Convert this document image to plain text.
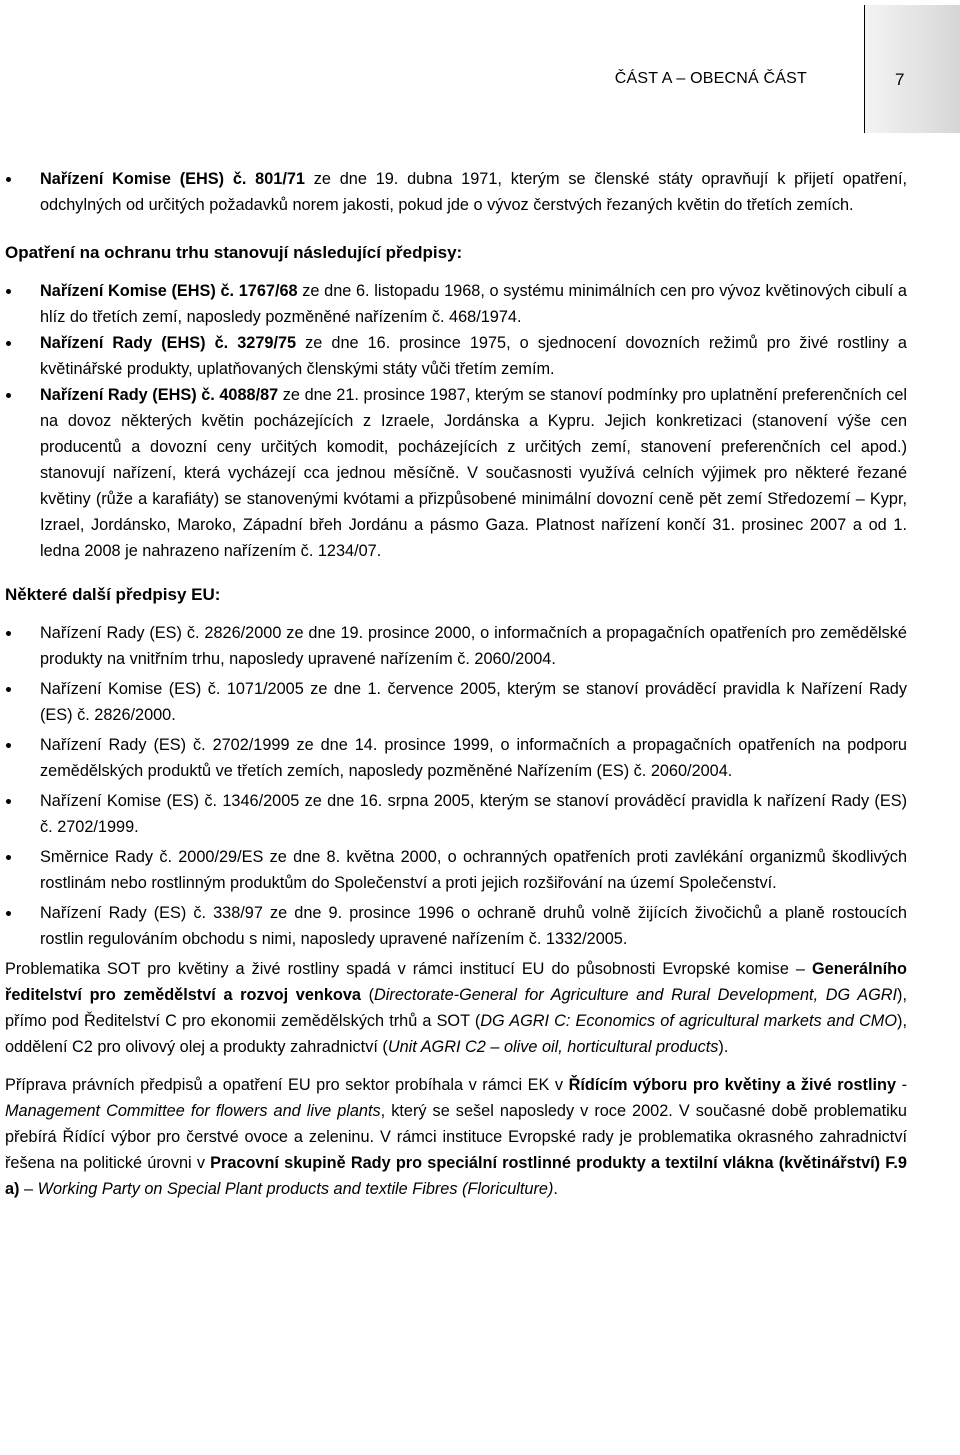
ČÁST A – OBECNÁ ČÁST	7
Nařízení Komise (EHS) č. 801/71 ze dne 19. dubna 1971, kterým se členské státy opravňují k přijetí opatření, odchylných od určitých požadavků norem jakosti, pokud jde o vývoz čerstvých řezaných květin do třetích zemích.

Opatření na ochranu trhu stanovují následující předpisy:

Nařízení Komise (EHS) č. 1767/68 ze dne 6. listopadu 1968, o systému minimálních cen pro vývoz květinových cibulí a hlíz do třetích zemí, naposledy pozměněné nařízením č. 468/1974.
Nařízení Rady (EHS) č. 3279/75 ze dne 16. prosince 1975, o sjednocení dovozních režimů pro živé rostliny a květinářské produkty, uplatňovaných členskými státy vůči třetím zemím.
Nařízení Rady (EHS) č. 4088/87 ze dne 21. prosince 1987, kterým se stanoví podmínky pro uplatnění preferenčních cel na dovoz některých květin pocházejících z Izraele, Jordánska a Kypru. Jejich konkretizaci (stanovení výše cen producentů a dovozní ceny určitých komodit, pocházejících z určitých zemí, stanovení preferenčních cel apod.) stanovují nařízení, která vycházejí cca jednou měsíčně. V současnosti využívá celních výjimek pro některé řezané květiny (růže a karafiáty) se stanovenými kvótami a přizpůsobené minimální dovozní ceně pět zemí Středozemí – Kypr, Izrael, Jordánsko, Maroko, Západní břeh Jordánu a pásmo Gaza. Platnost nařízení končí 31. prosinec 2007 a od 1. ledna 2008 je nahrazeno nařízením č. 1234/07.

Některé další předpisy EU:

Nařízení Rady (ES) č. 2826/2000 ze dne 19. prosince 2000, o informačních a propagačních opatřeních pro zemědělské produkty na vnitřním trhu, naposledy upravené nařízením č. 2060/2004.
Nařízení Komise (ES) č. 1071/2005 ze dne 1. července 2005, kterým se stanoví prováděcí pravidla k Nařízení Rady (ES) č. 2826/2000.
Nařízení Rady (ES) č. 2702/1999 ze dne 14. prosince 1999, o informačních a propagačních opatřeních na podporu zemědělských produktů ve třetích zemích, naposledy pozměněné Nařízením (ES) č. 2060/2004.
Nařízení Komise (ES) č. 1346/2005 ze dne 16. srpna 2005, kterým se stanoví prováděcí pravidla k nařízení Rady (ES) č. 2702/1999.
Směrnice Rady č. 2000/29/ES ze dne 8. května 2000, o ochranných opatřeních proti zavlékání organizmů škodlivých rostlinám nebo rostlinným produktům do Společenství a proti jejich rozšiřování na území Společenství.
Nařízení Rady (ES) č. 338/97 ze dne 9. prosince 1996 o ochraně druhů volně žijících živočichů a planě rostoucích rostlin regulováním obchodu s nimi, naposledy upravené nařízením č. 1332/2005.

Problematika SOT pro květiny a živé rostliny spadá v rámci institucí EU do působnosti Evropské komise – Generálního ředitelství pro zemědělství a rozvoj venkova (Directorate-General for Agriculture and Rural Development, DG AGRI), přímo pod Ředitelství C pro ekonomii zemědělských trhů a SOT (DG AGRI C: Economics of agricultural markets and CMO), oddělení C2 pro olivový olej a produkty zahradnictví (Unit AGRI C2 – olive oil, horticultural products).

Příprava právních předpisů a opatření EU pro sektor probíhala v rámci EK v Řídícím výboru pro květiny a živé rostliny - Management Committee for flowers and live plants, který se sešel naposledy v roce 2002. V současné době problematiku přebírá Řídící výbor pro čerstvé ovoce a zeleninu. V rámci instituce Evropské rady je problematika okrasného zahradnictví řešena na politické úrovni v Pracovní skupině Rady pro speciální rostlinné produkty a textilní vlákna (květinářství) F.9 a) – Working Party on Special Plant products and textile Fibres (Floriculture).
